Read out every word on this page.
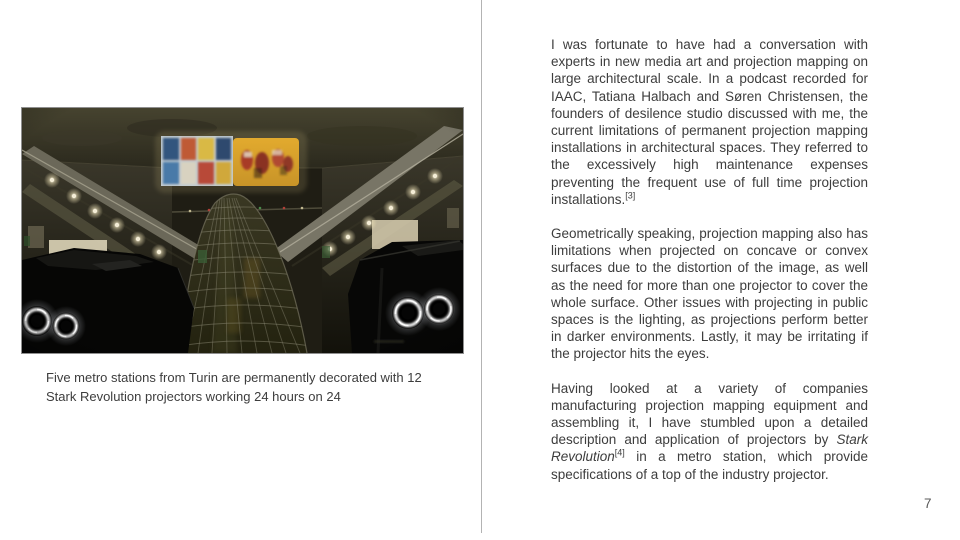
Five metro stations from Turin are permanently decorated with 12
Stark Revolution projectors working 24 hours on 24

I was fortunate to have had a conversation with experts in new media art and projection mapping on large architectural scale. In a podcast recorded for IAAC, Tatiana Halbach and Søren Christensen, the founders of desilence studio discussed with me, the current limitations of permanent projection mapping installations in architectural spaces. They referred to the excessively high maintenance expenses preventing the frequent use of full time projection installations.[3]

Geometrically speaking, projection mapping also has limitations when projected on concave or convex surfaces due to the distortion of the image, as well as the need for more than one projector to cover the whole surface. Other issues with projecting in public spaces is the lighting, as projections perform better in darker environments. Lastly, it may be irritating if the projector hits the eyes.

Having looked at a variety of companies manufacturing projection mapping equipment and assembling it, I have stumbled upon a detailed description and application of projectors by Stark Revolution[4] in a metro station, which provide specifications of a top of the industry projector.

7
